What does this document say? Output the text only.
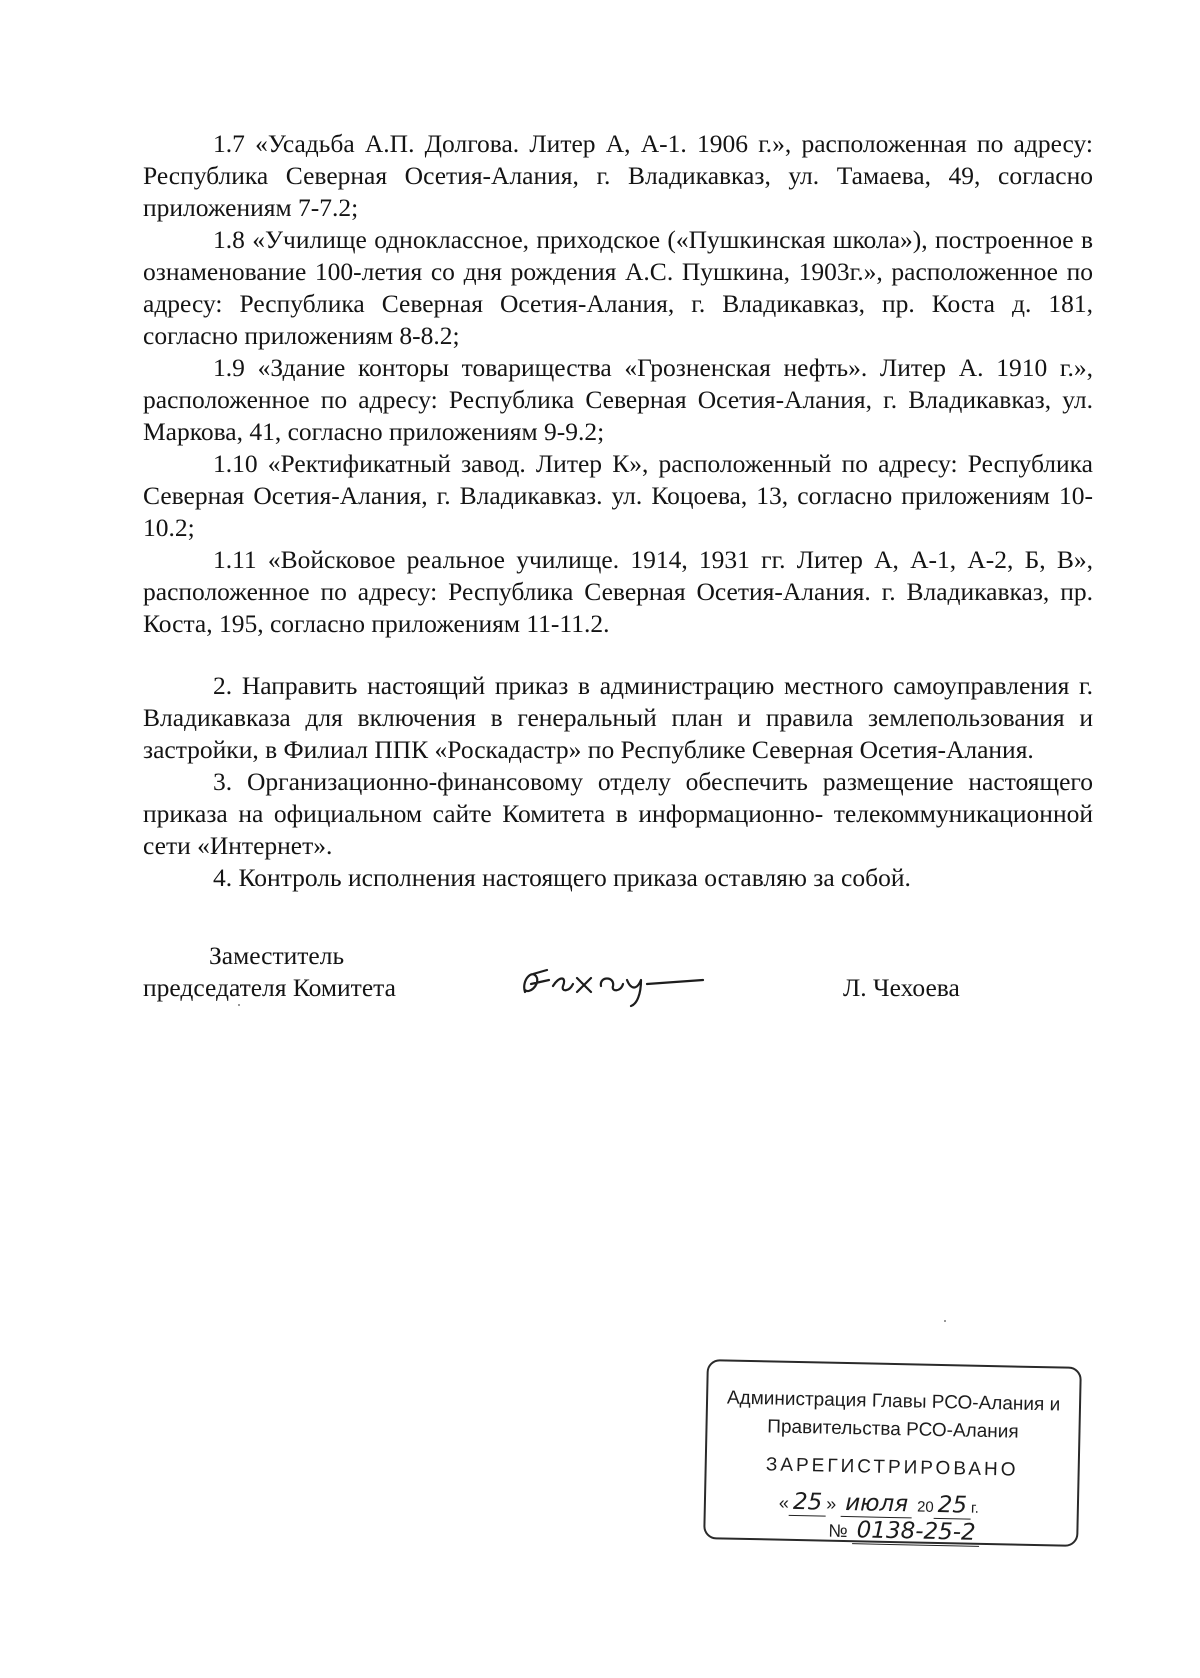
1.7 «Усадьба А.П. Долгова. Литер А, А-1. 1906 г.», расположенная по адресу: Республика Северная Осетия-Алания, г. Владикавказ, ул. Тамаева, 49, согласно приложениям 7-7.2;

1.8 «Училище одноклассное, приходское («Пушкинская школа»), построенное в ознаменование 100-летия со дня рождения А.С. Пушкина, 1903г.», расположенное по адресу: Республика Северная Осетия-Алания, г. Владикавказ, пр. Коста д. 181, согласно приложениям 8-8.2;

1.9 «Здание конторы товарищества «Грозненская нефть». Литер А. 1910 г.», расположенное по адресу: Республика Северная Осетия-Алания, г. Владикавказ, ул. Маркова, 41, согласно приложениям 9-9.2;

1.10 «Ректификатный завод. Литер К», расположенный по адресу: Республика Северная Осетия-Алания, г. Владикавказ. ул. Коцоева, 13, согласно приложениям 10-10.2;

1.11 «Войсковое реальное училище. 1914, 1931 гг. Литер А, А-1, А-2, Б, В», расположенное по адресу: Республика Северная Осетия-Алания. г. Владикавказ, пр. Коста, 195, согласно приложениям 11-11.2.

2. Направить настоящий приказ в администрацию местного самоуправления г. Владикавказа для включения в генеральный план и правила землепользования и застройки, в Филиал ППК «Роскадастр» по Республике Северная Осетия-Алания.

3. Организационно-финансовому отделу обеспечить размещение настоящего приказа на официальном сайте Комитета в информационно- телекоммуникационной сети «Интернет».

4. Контроль исполнения настоящего приказа оставляю за собой.

Заместитель
председателя Комитета	Л. Чехоева
Администрация Главы РСО-Алания и
Правительства РСО-Алания
ЗАРЕГИСТРИРОВАНО
« 25 » июля 20 25 г.
№ 0138-25-2
